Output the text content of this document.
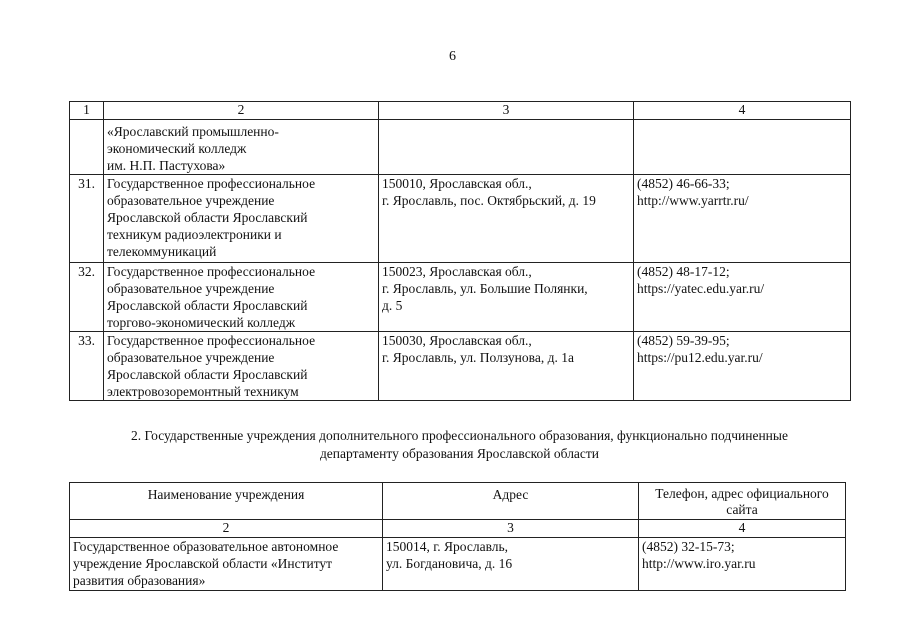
6
1	2	3	4

	«Ярославский промышленно-
экономический колледж
им. Н.П. Пастухова»		

31.	Государственное профессиональное
образовательное учреждение
Ярославской области Ярославский
техникум радиоэлектроники и
телекоммуникаций	150010, Ярославская обл.,
г. Ярославль, пос. Октябрьский, д. 19	(4852) 46-66-33;
http://www.yarrtr.ru/

32.	Государственное профессиональное
образовательное учреждение
Ярославской области Ярославский
торгово-экономический колледж	150023, Ярославская обл.,
г. Ярославль, ул. Большие Полянки,
д. 5	(4852) 48-17-12;
https://yatec.edu.yar.ru/

33.	Государственное профессиональное
образовательное учреждение
Ярославской области Ярославский
электровозоремонтный техникум	150030, Ярославская обл.,
г. Ярославль, ул. Ползунова, д. 1а	(4852) 59-39-95;
https://pu12.edu.yar.ru/
2. Государственные учреждения дополнительного профессионального образования, функционально подчиненные
департаменту образования Ярославской области
Наименование учреждения	Адрес	Телефон, адрес официального сайта
2	3	4

Государственное образовательное автономное
учреждение Ярославской области «Институт
развития образования»	150014, г. Ярославль,
ул. Богдановича, д. 16	(4852) 32-15-73;
http://www.iro.yar.ru
